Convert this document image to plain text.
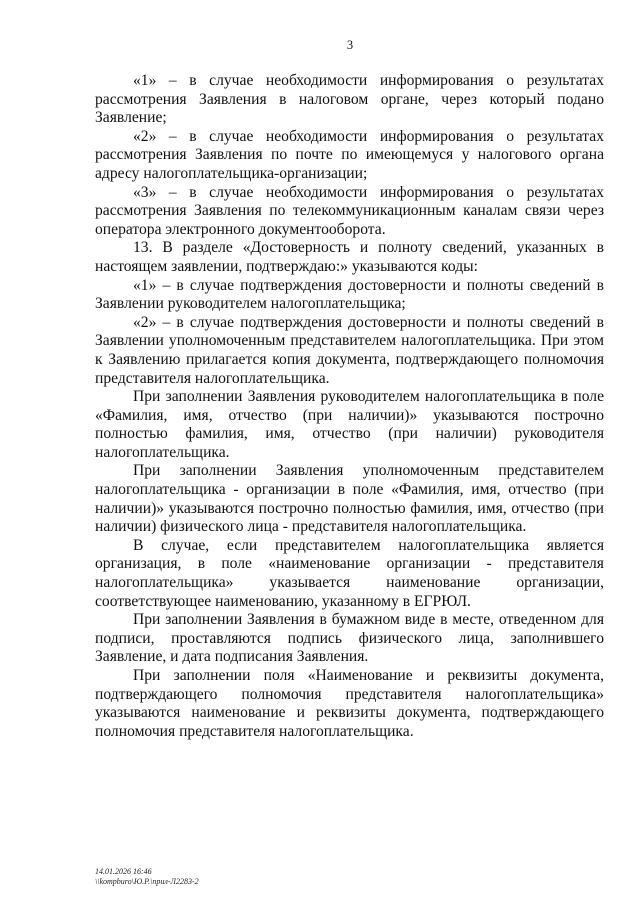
3

«1» – в случае необходимости информирования о результатах рассмотрения Заявления в налоговом органе, через который подано Заявление;

«2» – в случае необходимости информирования о результатах рассмотрения Заявления по почте по имеющемуся у налогового органа адресу налогоплательщика-организации;

«3» – в случае необходимости информирования о результатах рассмотрения Заявления по телекоммуникационным каналам связи через оператора электронного документооборота.

13. В разделе «Достоверность и полноту сведений, указанных в настоящем заявлении, подтверждаю:» указываются коды:

«1» – в случае подтверждения достоверности и полноты сведений в Заявлении руководителем налогоплательщика;

«2» – в случае подтверждения достоверности и полноты сведений в Заявлении уполномоченным представителем налогоплательщика. При этом к Заявлению прилагается копия документа, подтверждающего полномочия представителя налогоплательщика.

При заполнении Заявления руководителем налогоплательщика в поле «Фамилия, имя, отчество (при наличии)» указываются построчно полностью фамилия, имя, отчество (при наличии) руководителя налогоплательщика.

При заполнении Заявления уполномоченным представителем налогоплательщика - организации в поле «Фамилия, имя, отчество (при наличии)» указываются построчно полностью фамилия, имя, отчество (при наличии) физического лица - представителя налогоплательщика.

В случае, если представителем налогоплательщика является организация, в поле «наименование организации - представителя налогоплательщика» указывается наименование организации, соответствующее наименованию, указанному в ЕГРЮЛ.

При заполнении Заявления в бумажном виде в месте, отведенном для подписи, проставляются подпись физического лица, заполнившего Заявление, и дата подписания Заявления.

При заполнении поля «Наименование и реквизиты документа, подтверждающего полномочия представителя налогоплательщика» указываются наименование и реквизиты документа, подтверждающего полномочия представителя налогоплательщика.

14.01.2026 16:46
\\kompburo\Ю.Р.\прил-Л2283-2
